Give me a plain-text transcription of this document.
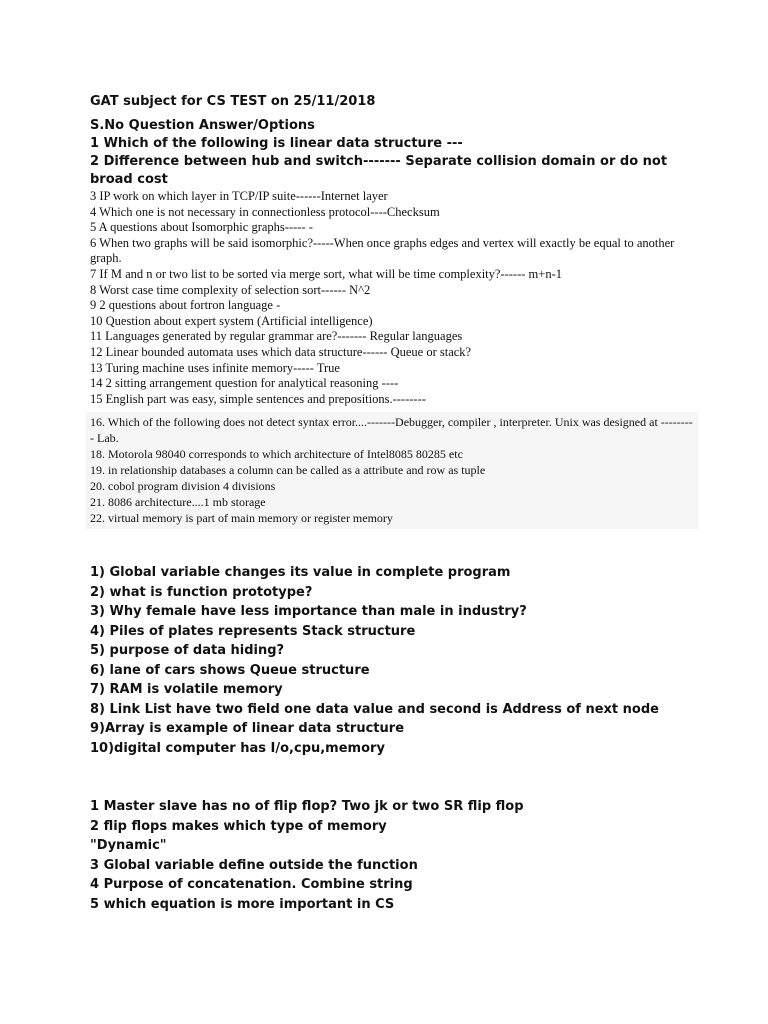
GAT subject for CS TEST on 25/11/2018
S.No Question Answer/Options
1 Which of the following is linear data structure ---
2 Difference between hub and switch------- Separate collision domain or do not broad cost
3 IP work on which layer in TCP/IP suite------Internet layer
4 Which one is not necessary in connectionless protocol----Checksum
5 A questions about Isomorphic graphs----- -
6 When two graphs will be said isomorphic?-----When once graphs edges and vertex will exactly be equal to another graph.
7 If M and n or two list to be sorted via merge sort, what will be time complexity?------ m+n-1
8 Worst case time complexity of selection sort------ N^2
9 2 questions about fortron language -
10 Question about expert system (Artificial intelligence)
11 Languages generated by regular grammar are?------- Regular languages
12 Linear bounded automata uses which data structure------ Queue or stack?
13 Turing machine uses infinite memory----- True
14 2 sitting arrangement question for analytical reasoning ----
15 English part was easy, simple sentences and prepositions.--------
16. Which of the following does not detect syntax error....-------Debugger, compiler , interpreter. Unix was designed at --------- Lab.
18. Motorola 98040 corresponds to which architecture of Intel8085 80285 etc
19. in relationship databases a column can be called as a attribute and row as tuple
20. cobol program division 4 divisions
21. 8086 architecture....1 mb storage
22. virtual memory is part of main memory or register memory
1) Global variable changes its value in complete program
2) what is function prototype?
3) Why female have less importance than male in industry?
4) Piles of plates represents Stack structure
5) purpose of data hiding?
6) lane of cars shows Queue structure
7) RAM is volatile memory
8) Link List have two field one data value and second is Address of next node
9)Array is example of linear data structure
10)digital computer has I/o,cpu,memory
1 Master slave has no of flip flop? Two jk or two SR flip flop
2 flip flops makes which type of memory
"Dynamic"
3 Global variable define outside the function
4 Purpose of concatenation. Combine string
5 which equation is more important in CS
